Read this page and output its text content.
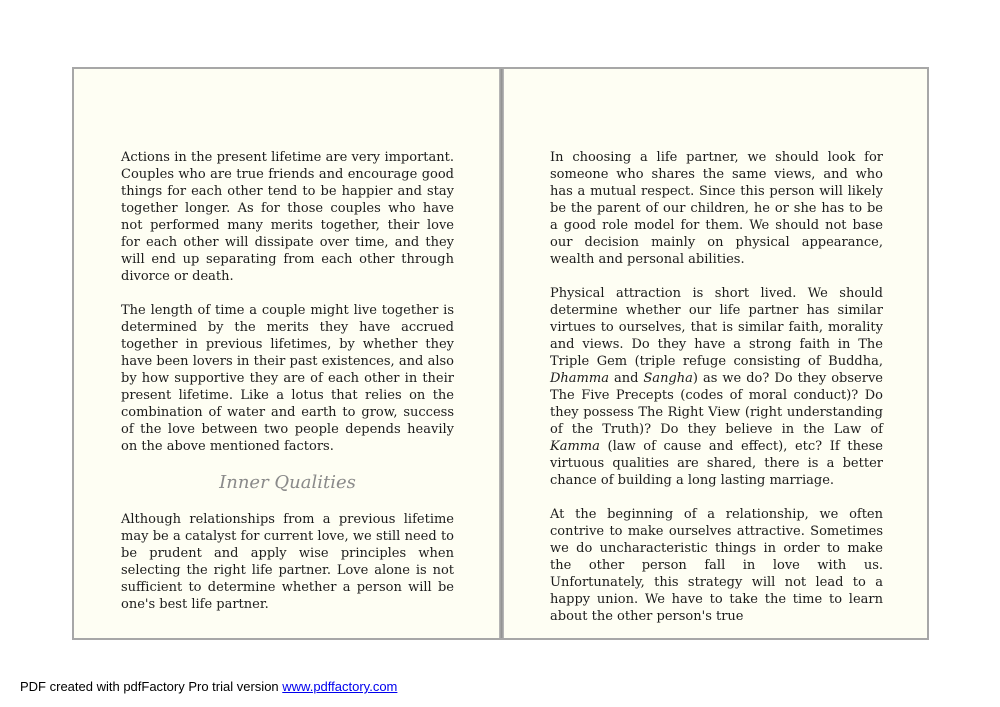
Actions in the present lifetime are very important. Couples who are true friends and encourage good things for each other tend to be happier and stay together longer. As for those couples who have not performed many merits together, their love for each other will dissipate over time, and they will end up separating from each other through divorce or death.

The length of time a couple might live together is determined by the merits they have accrued together in previous lifetimes, by whether they have been lovers in their past existences, and also by how supportive they are of each other in their present lifetime. Like a lotus that relies on the combination of water and earth to grow, success of the love between two people depends heavily on the above mentioned factors.

Inner Qualities

Although relationships from a previous lifetime may be a catalyst for current love, we still need to be prudent and apply wise principles when selecting the right life partner. Love alone is not sufficient to determine whether a person will be one's best life partner.

In choosing a life partner, we should look for someone who shares the same views, and who has a mutual respect. Since this person will likely be the parent of our children, he or she has to be a good role model for them. We should not base our decision mainly on physical appearance, wealth and personal abilities.

Physical attraction is short lived. We should determine whether our life partner has similar virtues to ourselves, that is similar faith, morality and views. Do they have a strong faith in The Triple Gem (triple refuge consisting of Buddha, Dhamma and Sangha) as we do? Do they observe The Five Precepts (codes of moral conduct)? Do they possess The Right View (right understanding of the Truth)? Do they believe in the Law of Kamma (law of cause and effect), etc? If these virtuous qualities are shared, there is a better chance of building a long lasting marriage.

At the beginning of a relationship, we often contrive to make ourselves attractive. Sometimes we do uncharacteristic things in order to make the other person fall in love with us. Unfortunately, this strategy will not lead to a happy union. We have to take the time to learn about the other person's true

PDF created with pdfFactory Pro trial version www.pdffactory.com
